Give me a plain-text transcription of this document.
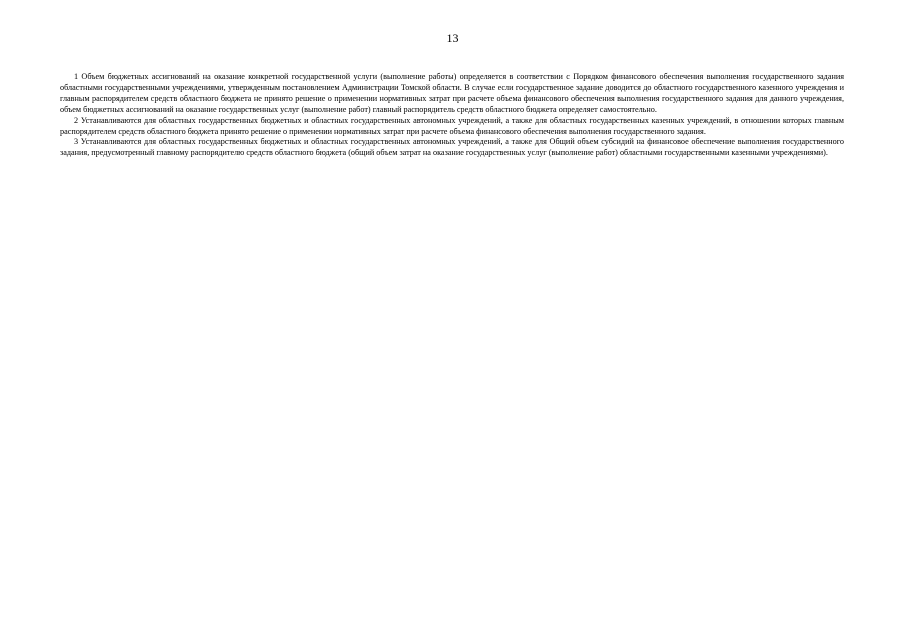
13

1 Объем бюджетных ассигнований на оказание конкретной государственной услуги (выполнение работы) определяется в соответствии с Порядком финансового обеспечения выполнения государственного задания областными государственными учреждениями, утвержденным постановлением Администрации Томской области. В случае если государственное задание доводится до областного государственного казенного учреждения и главным распорядителем средств областного бюджета не принято решение о применении нормативных затрат при расчете объема финансового обеспечения выполнения государственного задания для данного учреждения, объем бюджетных ассигнований на оказание государственных услуг (выполнение работ) главный распорядитель средств областного бюджета определяет самостоятельно.

2 Устанавливаются для областных государственных бюджетных и областных государственных автономных учреждений, а также для областных государственных казенных учреждений, в отношении которых главным распорядителем средств областного бюджета принято решение о применении нормативных затрат при расчете объема финансового обеспечения выполнения государственного задания.

3 Устанавливаются для областных государственных бюджетных и областных государственных автономных учреждений, а также для Общий объем субсидий на финансовое обеспечение выполнения государственного задания, предусмотренный главному распорядителю средств областного бюджета (общий объем затрат на оказание государственных услуг (выполнение работ) областными государственными казенными учреждениями).
